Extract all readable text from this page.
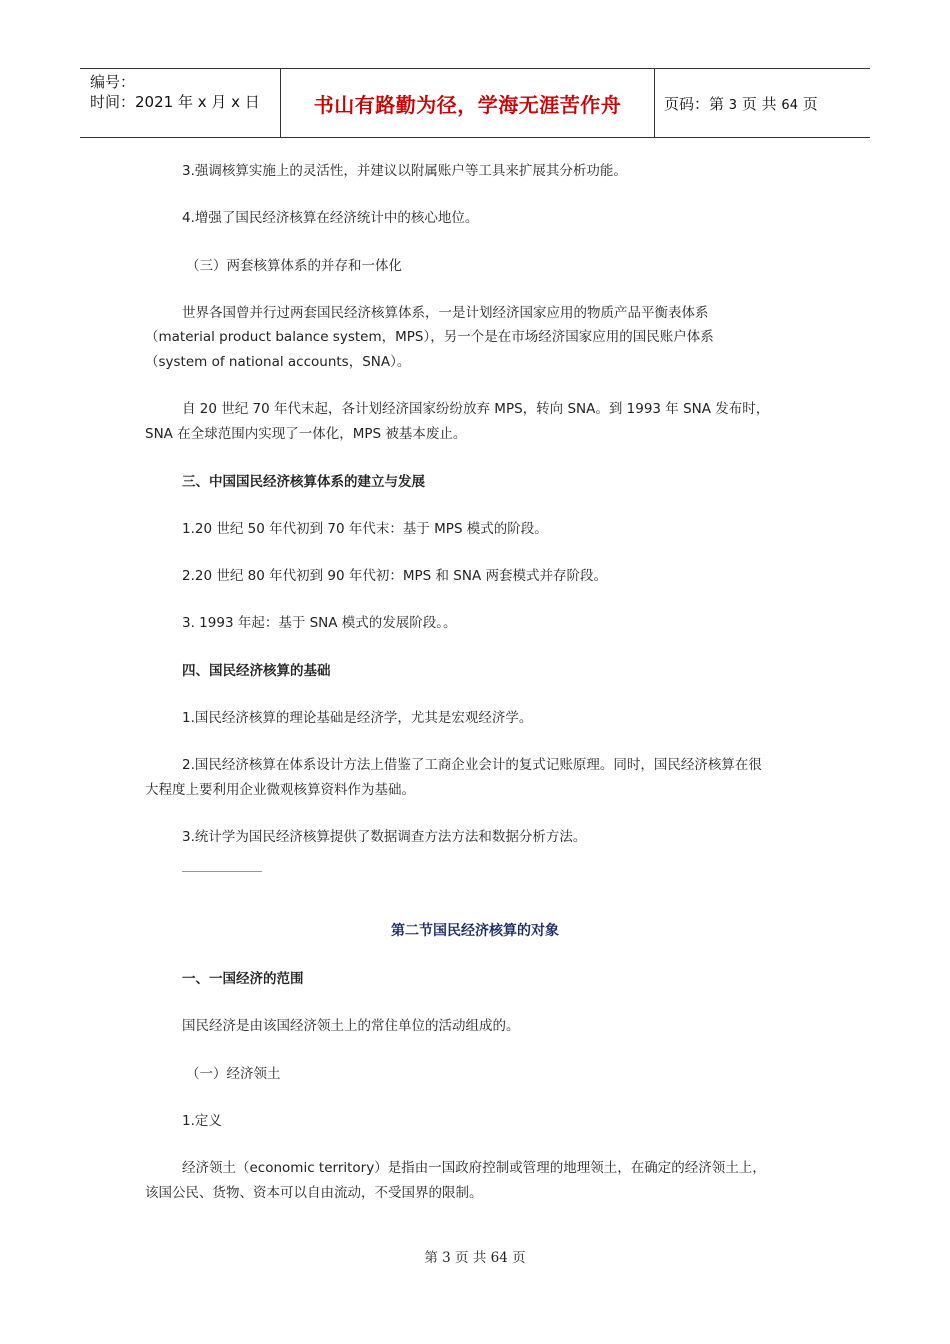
编号：
时间：2021 年 x 月 x 日	书山有路勤为径，学海无涯苦作舟	页码：第 3 页 共 64 页
3.强调核算实施上的灵活性，并建议以附属账户等工具来扩展其分析功能。
4.增强了国民经济核算在经济统计中的核心地位。
（三）两套核算体系的并存和一体化
世界各国曾并行过两套国民经济核算体系，一是计划经济国家应用的物质产品平衡表体系
（material product balance system，MPS），另一个是在市场经济国家应用的国民账户体系
（system of national accounts，SNA）。
自 20 世纪 70 年代末起，各计划经济国家纷纷放弃 MPS，转向 SNA。到 1993 年 SNA 发布时，
SNA 在全球范围内实现了一体化，MPS 被基本废止。
三、中国国民经济核算体系的建立与发展
1.20 世纪 50 年代初到 70 年代末：基于 MPS 模式的阶段。
2.20 世纪 80 年代初到 90 年代初：MPS 和 SNA 两套模式并存阶段。
3. 1993 年起：基于 SNA 模式的发展阶段。。
四、国民经济核算的基础
1.国民经济核算的理论基础是经济学，尤其是宏观经济学。
2.国民经济核算在体系设计方法上借鉴了工商企业会计的复式记账原理。同时，国民经济核算在很
大程度上要利用企业微观核算资料作为基础。
3.统计学为国民经济核算提供了数据调查方法方法和数据分析方法。
第二节国民经济核算的对象
一、一国经济的范围
国民经济是由该国经济领土上的常住单位的活动组成的。
（一）经济领土
1.定义
经济领土（economic territory）是指由一国政府控制或管理的地理领土，在确定的经济领土上，
该国公民、货物、资本可以自由流动，不受国界的限制。
第 3 页 共 64 页
